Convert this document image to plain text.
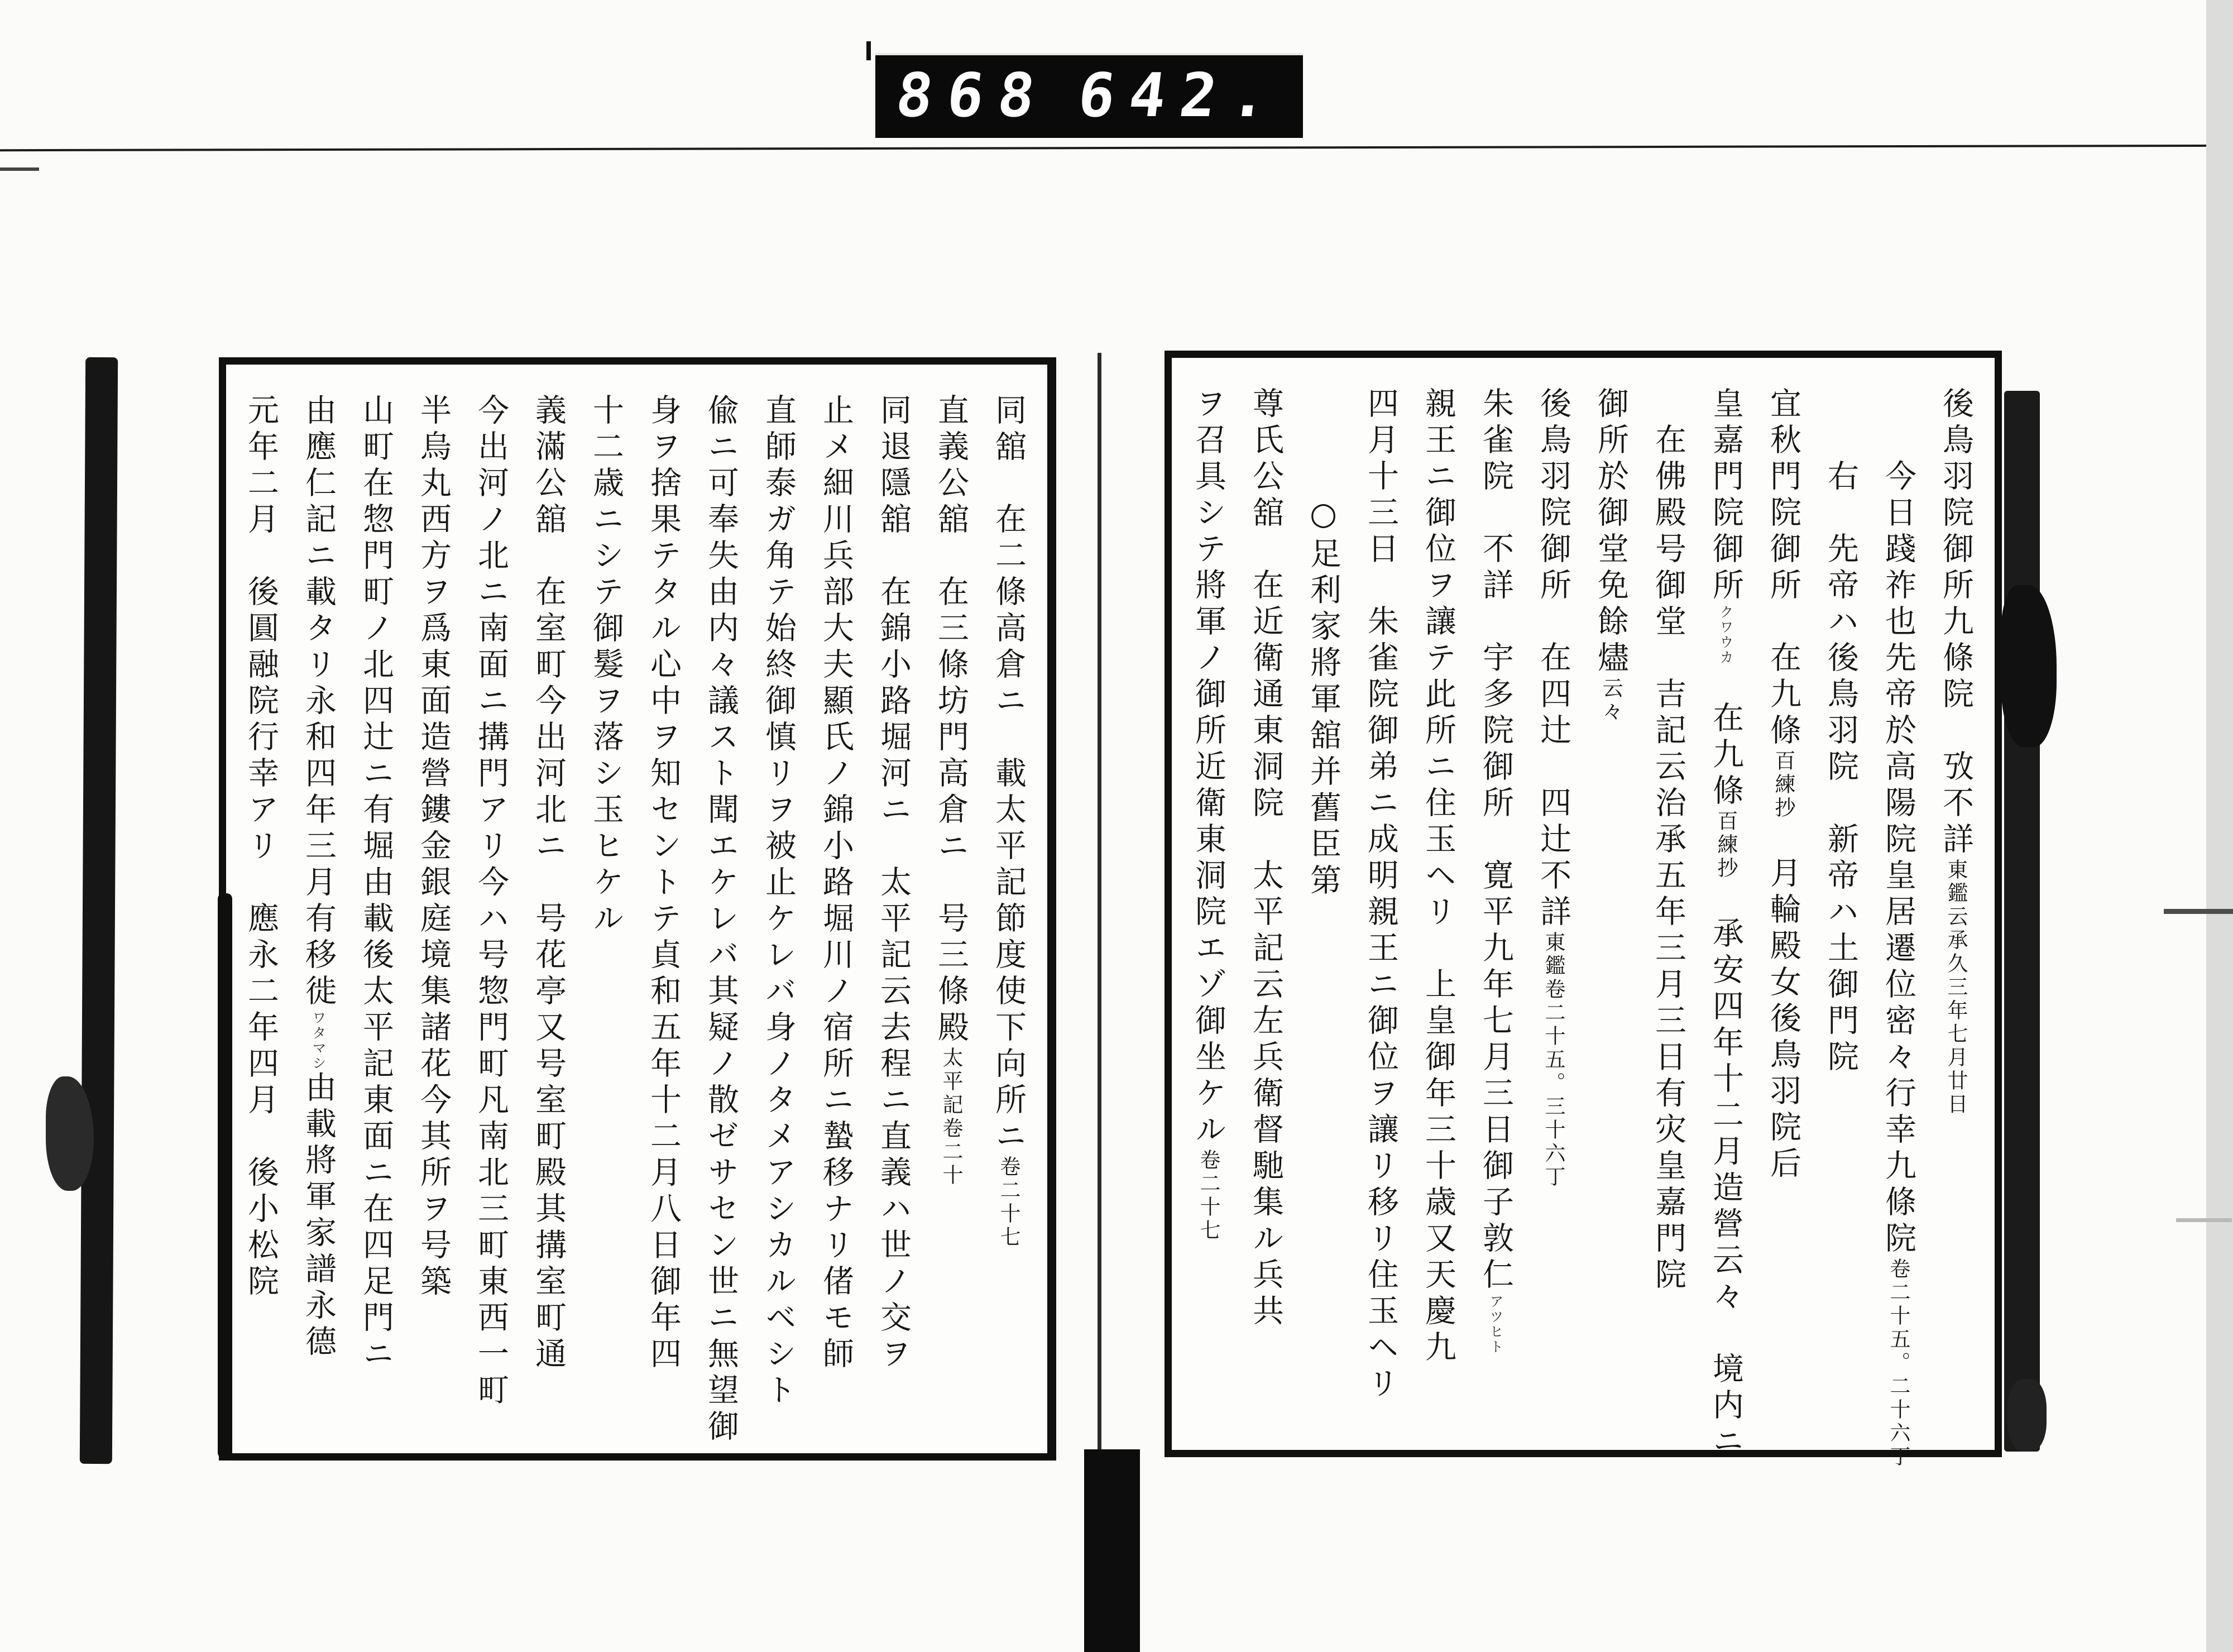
868 642.
後鳥羽院御所九條院　攷不詳東鑑云承久三年七月廿日
　　今日踐祚也先帝於高陽院皇居遷位密々行幸九條院卷二十五。二十六丁
　　右　先帝ハ後鳥羽院　新帝ハ土御門院
宜秋門院御所　在九條百練抄　月輪殿女後鳥羽院后
皇嘉門院御所クワウカ　在九條百練抄　承安四年十二月造營云々　境内ニ
　在佛殿号御堂　吉記云治承五年三月三日有灾皇嘉門院
御所於御堂免餘燼云々
後鳥羽院御所　在四辻　四辻不詳東鑑卷二十五。三十六丁
朱雀院　不詳　宇多院御所　寛平九年七月三日御子敦仁アツヒト
親王ニ御位ヲ讓テ此所ニ住玉ヘリ　上皇御年三十歳又天慶九
四月十三日　朱雀院御弟ニ成明親王ニ御位ヲ讓リ移リ住玉ヘリ
　　　○足利家將軍舘并舊臣第
尊氏公舘　在近衛通東洞院　太平記云左兵衛督馳集ル兵共
ヲ召具シテ將軍ノ御所近衛東洞院エゾ御坐ケル卷二十七
同舘　在二條高倉ニ　載太平記節度使下向所ニ卷二十七
直義公舘　在三條坊門高倉ニ　号三條殿太平記卷二十
同退隱舘　在錦小路堀河ニ　太平記云去程ニ直義ハ世ノ交ヲ
止メ細川兵部大夫顯氏ノ錦小路堀川ノ宿所ニ蟄移ナリ偖モ師
直師泰ガ角テ始終御慎リヲ被止ケレバ身ノタメアシカルベシト
偸ニ可奉失由内々議スト聞エケレバ其疑ノ散ゼサセン世ニ無望御
身ヲ捨果テタル心中ヲ知セントテ貞和五年十二月八日御年四
十二歳ニシテ御髮ヲ落シ玉ヒケル
義滿公舘　在室町今出河北ニ　号花亭又号室町殿其搆室町通
今出河ノ北ニ南面ニ搆門アリ今ハ号惣門町凡南北三町東西一町
半烏丸西方ヲ爲東面造營鏤金銀庭境集諸花今其所ヲ号築
山町在惣門町ノ北四辻ニ有堀由載後太平記東面ニ在四足門ニ
由應仁記ニ載タリ永和四年三月有移徙ワタマシ由載將軍家譜永德
元年二月　後圓融院行幸アリ　應永二年四月　後小松院
